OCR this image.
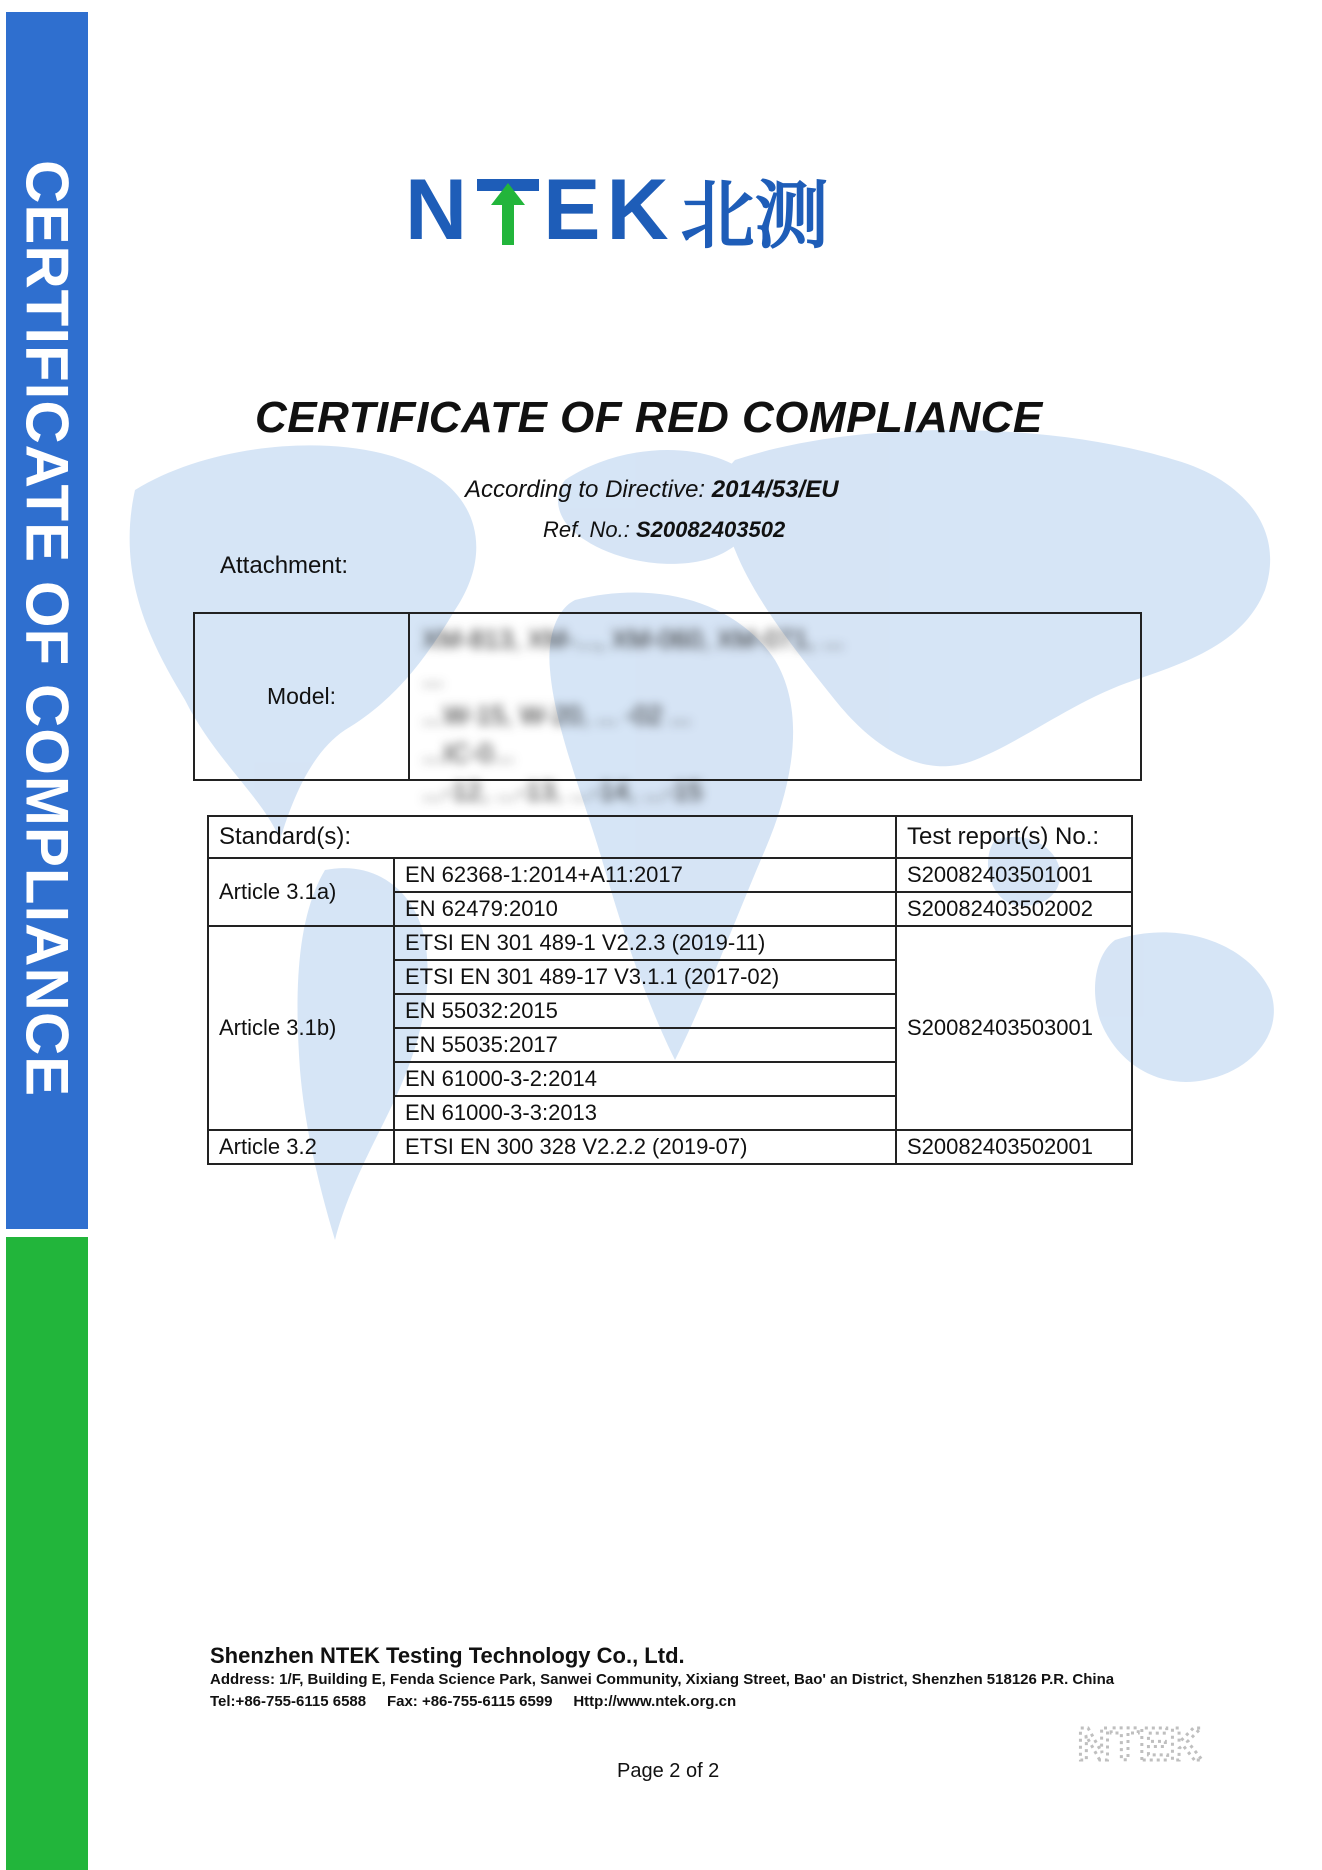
CERTIFICATE OF COMPLIANCE	N EK 北测
CERTIFICATE OF RED COMPLIANCE
According to Directive: 2014/53/EU
Ref. No.: S20082403502
Attachment:
Model:
XM-813, XM-..., XM-060, XM-071, ...
...
...W-15, W-20, ... -02 ...
...IC-0...
...-12, ...-13, ...-14, ...-15
Standard(s):		Test report(s) No.:
Article 3.1a)	EN 62368-1:2014+A11:2017	S20082403501001
	EN 62479:2010	S20082403502002
Article 3.1b)	ETSI EN 301 489-1 V2.2.3 (2019-11)	S20082403503001
	ETSI EN 301 489-17 V3.1.1 (2017-02)	
	EN 55032:2015	
	EN 55035:2017	
	EN 61000-3-2:2014	
	EN 61000-3-3:2013	
Article 3.2	ETSI EN 300 328 V2.2.2 (2019-07)	S20082403502001
Shenzhen NTEK Testing Technology Co., Ltd.
Address: 1/F, Building E, Fenda Science Park, Sanwei Community, Xixiang Street, Bao' an District, Shenzhen 518126 P.R. China
Tel:+86-755-6115 6588 Fax: +86-755-6115 6599 Http://www.ntek.org.cn
Page 2 of 2
NTEK
